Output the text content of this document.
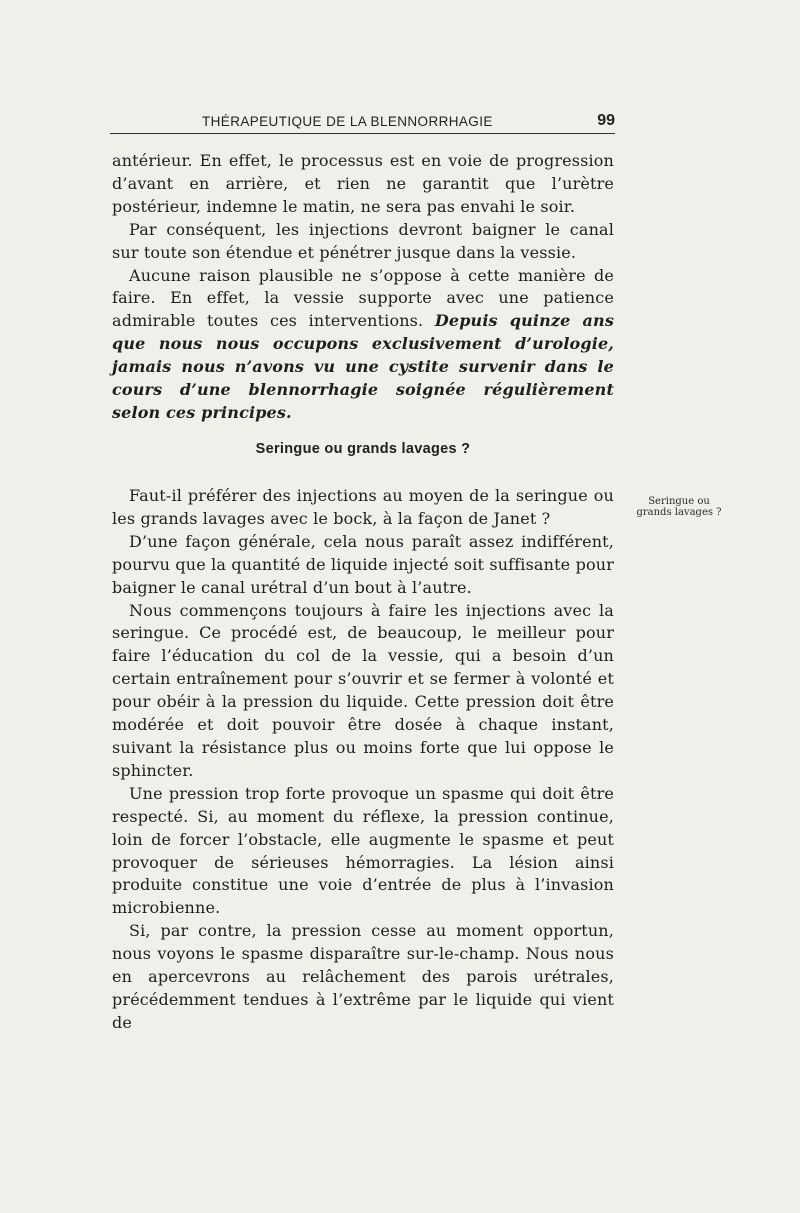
THÉRAPEUTIQUE DE LA BLENNORRHAGIE	99

antérieur. En effet, le processus est en voie de progression d’avant en arrière, et rien ne garantit que l’urètre postérieur, indemne le matin, ne sera pas envahi le soir.

Par conséquent, les injections devront baigner le canal sur toute son étendue et pénétrer jusque dans la vessie.

Aucune raison plausible ne s’oppose à cette manière de faire. En effet, la vessie supporte avec une patience admirable toutes ces interventions. Depuis quinze ans que nous nous occupons exclusivement d’urologie, jamais nous n’avons vu une cystite survenir dans le cours d’une blennorrhagie soignée régulièrement selon ces principes.

Seringue ou grands lavages ?
Seringue ou
grands lavages ?

Faut-il préférer des injections au moyen de la seringue ou les grands lavages avec le bock, à la façon de Janet ?

D’une façon générale, cela nous paraît assez indifférent, pourvu que la quantité de liquide injecté soit suffisante pour baigner le canal urétral d’un bout à l’autre.

Nous commençons toujours à faire les injections avec la seringue. Ce procédé est, de beaucoup, le meilleur pour faire l’éducation du col de la vessie, qui a besoin d’un certain entraînement pour s’ouvrir et se fermer à volonté et pour obéir à la pression du liquide. Cette pression doit être modérée et doit pouvoir être dosée à chaque instant, suivant la résistance plus ou moins forte que lui oppose le sphincter.

Une pression trop forte provoque un spasme qui doit être respecté. Si, au moment du réflexe, la pression continue, loin de forcer l’obstacle, elle augmente le spasme et peut provoquer de sérieuses hémorragies. La lésion ainsi produite constitue une voie d’entrée de plus à l’invasion microbienne.

Si, par contre, la pression cesse au moment opportun, nous voyons le spasme disparaître sur-le-champ. Nous nous en apercevrons au relâchement des parois urétrales, précédemment tendues à l’extrême par le liquide qui vient de
